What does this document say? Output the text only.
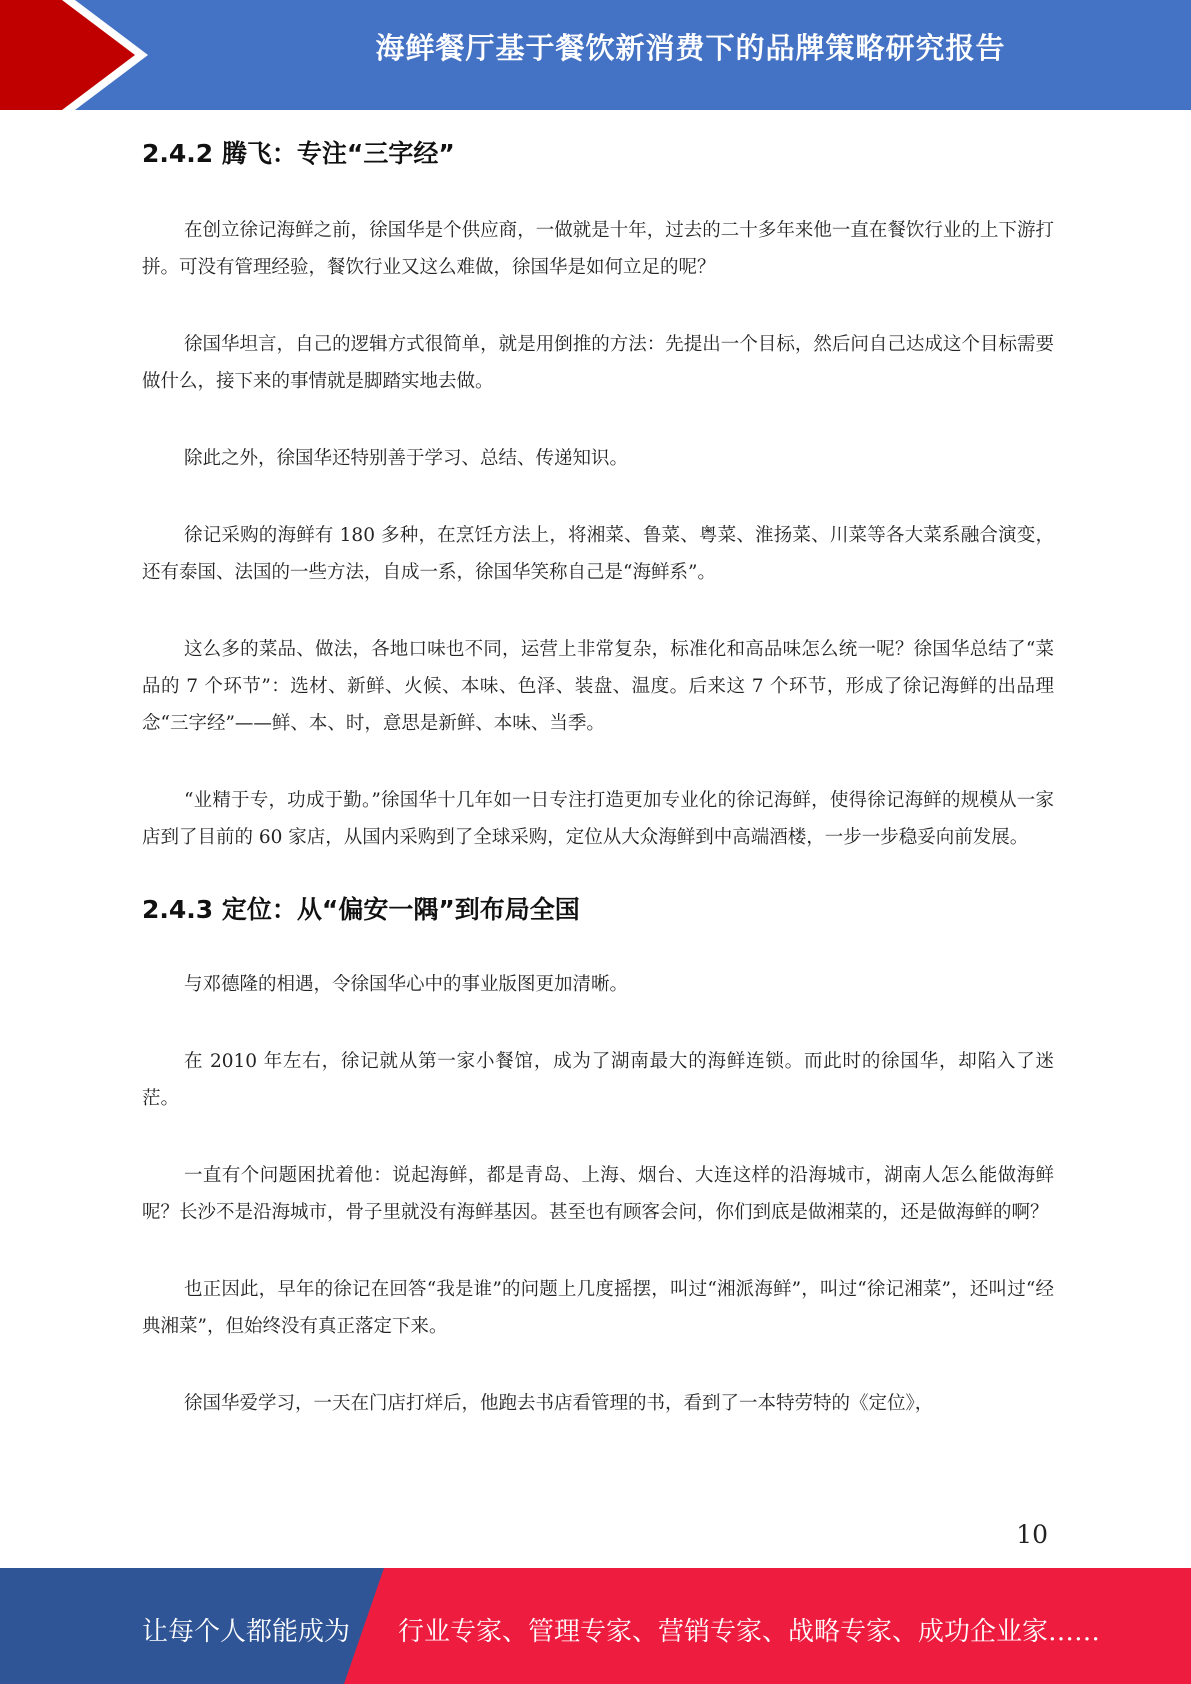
海鲜餐厅基于餐饮新消费下的品牌策略研究报告
2.4.2 腾飞：专注“三字经”

在创立徐记海鲜之前，徐国华是个供应商，一做就是十年，过去的二十多年来他一直在餐饮行业的上下游打拼。可没有管理经验，餐饮行业又这么难做，徐国华是如何立足的呢？

徐国华坦言，自己的逻辑方式很简单，就是用倒推的方法：先提出一个目标，然后问自己达成这个目标需要做什么，接下来的事情就是脚踏实地去做。

除此之外，徐国华还特别善于学习、总结、传递知识。

徐记采购的海鲜有 180 多种，在烹饪方法上，将湘菜、鲁菜、粤菜、淮扬菜、川菜等各大菜系融合演变，还有泰国、法国的一些方法，自成一系，徐国华笑称自己是“海鲜系”。

这么多的菜品、做法，各地口味也不同，运营上非常复杂，标准化和高品味怎么统一呢？徐国华总结了“菜品的 7 个环节”：选材、新鲜、火候、本味、色泽、装盘、温度。后来这 7 个环节，形成了徐记海鲜的出品理念“三字经”——鲜、本、时，意思是新鲜、本味、当季。

“业精于专，功成于勤。”徐国华十几年如一日专注打造更加专业化的徐记海鲜，使得徐记海鲜的规模从一家店到了目前的 60 家店，从国内采购到了全球采购，定位从大众海鲜到中高端酒楼，一步一步稳妥向前发展。

2.4.3 定位：从“偏安一隅”到布局全国

与邓德隆的相遇，令徐国华心中的事业版图更加清晰。

在 2010 年左右，徐记就从第一家小餐馆，成为了湖南最大的海鲜连锁。而此时的徐国华，却陷入了迷茫。

一直有个问题困扰着他：说起海鲜，都是青岛、上海、烟台、大连这样的沿海城市，湖南人怎么能做海鲜呢？长沙不是沿海城市，骨子里就没有海鲜基因。甚至也有顾客会问，你们到底是做湘菜的，还是做海鲜的啊？

也正因此，早年的徐记在回答“我是谁”的问题上几度摇摆，叫过“湘派海鲜”，叫过“徐记湘菜”，还叫过“经典湘菜”，但始终没有真正落定下来。

徐国华爱学习，一天在门店打烊后，他跑去书店看管理的书，看到了一本特劳特的《定位》，

10
让每个人都能成为 行业专家、管理专家、营销专家、战略专家、成功企业家……
